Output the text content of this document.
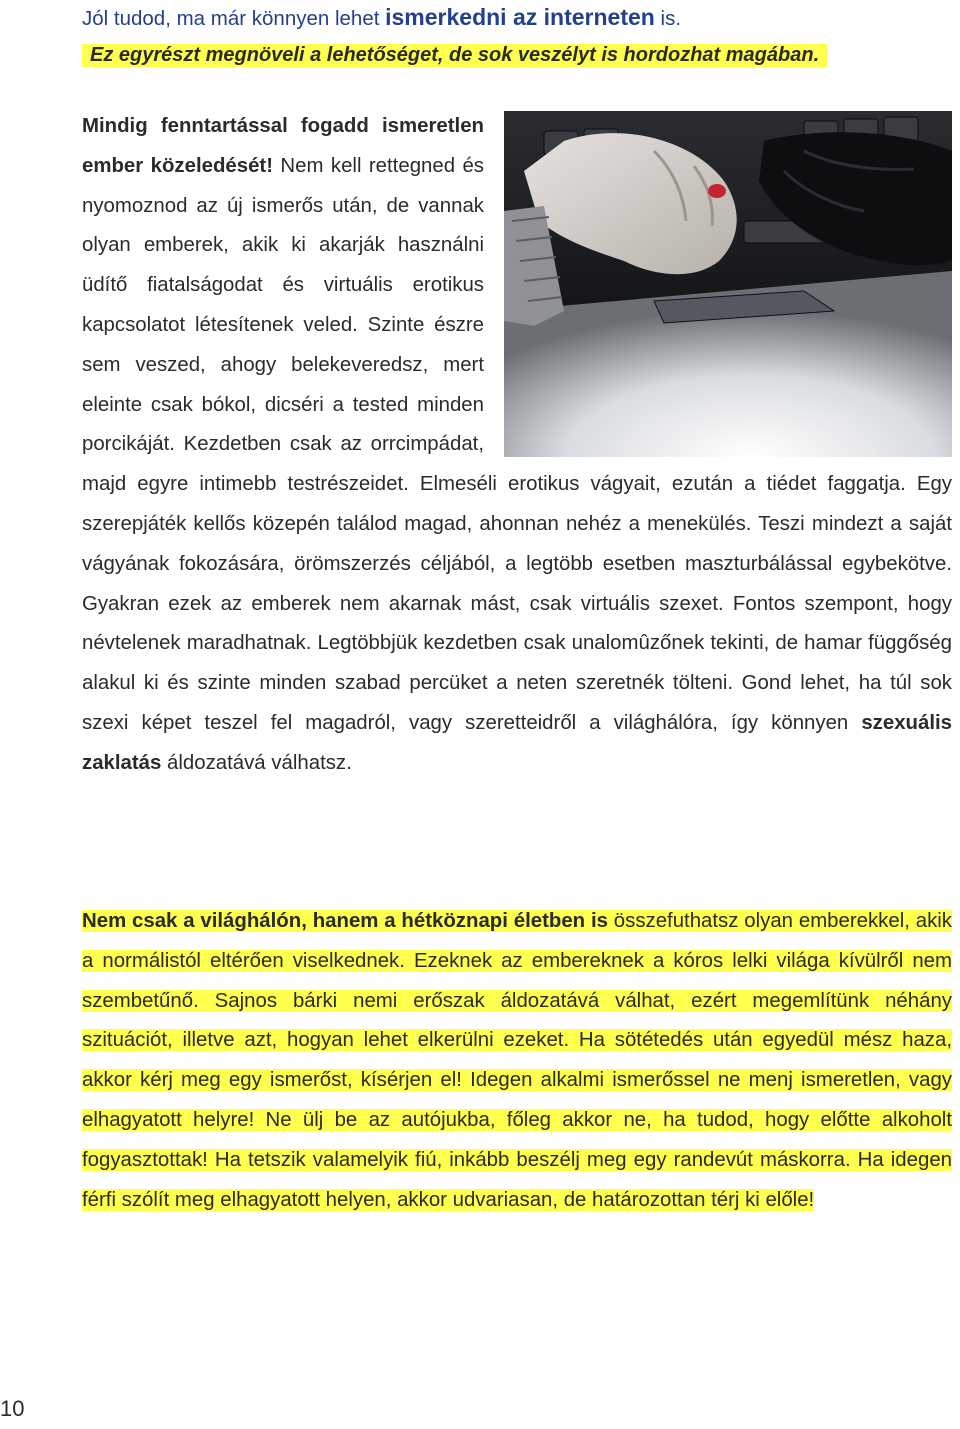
Jól tudod, ma már könnyen lehet ismerkedni az interneten is.
Ez egyrészt megnöveli a lehetőséget, de sok veszélyt is hordozhat magában.
Mindig fenntartással fogadd ismeretlen ember közeledését! Nem kell rettegned és nyomoznod az új ismerős után, de vannak olyan emberek, akik ki akarják használni üdítő fiatalságodat és virtuális erotikus kapcsolatot létesítenek veled. Szinte észre sem veszed, ahogy belekeveredsz, mert eleinte csak bókol, dicséri a tested minden porcikáját. Kezdetben csak az orrcimpádat, majd egyre intimebb testrészeidet. Elmeséli erotikus vágyait, ezután a tiédet faggatja. Egy szerepjáték kellős közepén találod magad, ahonnan nehéz a menekülés. Teszi mindezt a saját vágyának fokozására, örömszerzés céljából, a legtöbb esetben maszturbálással egybekötve. Gyakran ezek az emberek nem akarnak mást, csak virtuális szexet. Fontos szempont, hogy névtelenek maradhatnak. Legtöbbjük kezdetben csak unalomûzőnek tekinti, de hamar függőség alakul ki és szinte minden szabad percüket a neten szeretnék tölteni. Gond lehet, ha túl sok szexi képet teszel fel magadról, vagy szeretteidről a világhálóra, így könnyen szexuális zaklatás áldozatává válhatsz.
Nem csak a világhálón, hanem a hétköznapi életben is összefuthatsz olyan emberekkel, akik a normálistól eltérően viselkednek. Ezeknek az embereknek a kóros lelki világa kívülről nem szembetűnő. Sajnos bárki nemi erőszak áldozatává válhat, ezért megemlítünk néhány szituációt, illetve azt, hogyan lehet elkerülni ezeket. Ha sötétedés után egyedül mész haza, akkor kérj meg egy ismerőst, kísérjen el! Idegen alkalmi ismerőssel ne menj ismeretlen, vagy elhagyatott helyre! Ne ülj be az autójukba, főleg akkor ne, ha tudod, hogy előtte alkoholt fogyasztottak! Ha tetszik valamelyik fiú, inkább beszélj meg egy randevút máskorra. Ha idegen férfi szólít meg elhagyatott helyen, akkor udvariasan, de határozottan térj ki előle!
10
